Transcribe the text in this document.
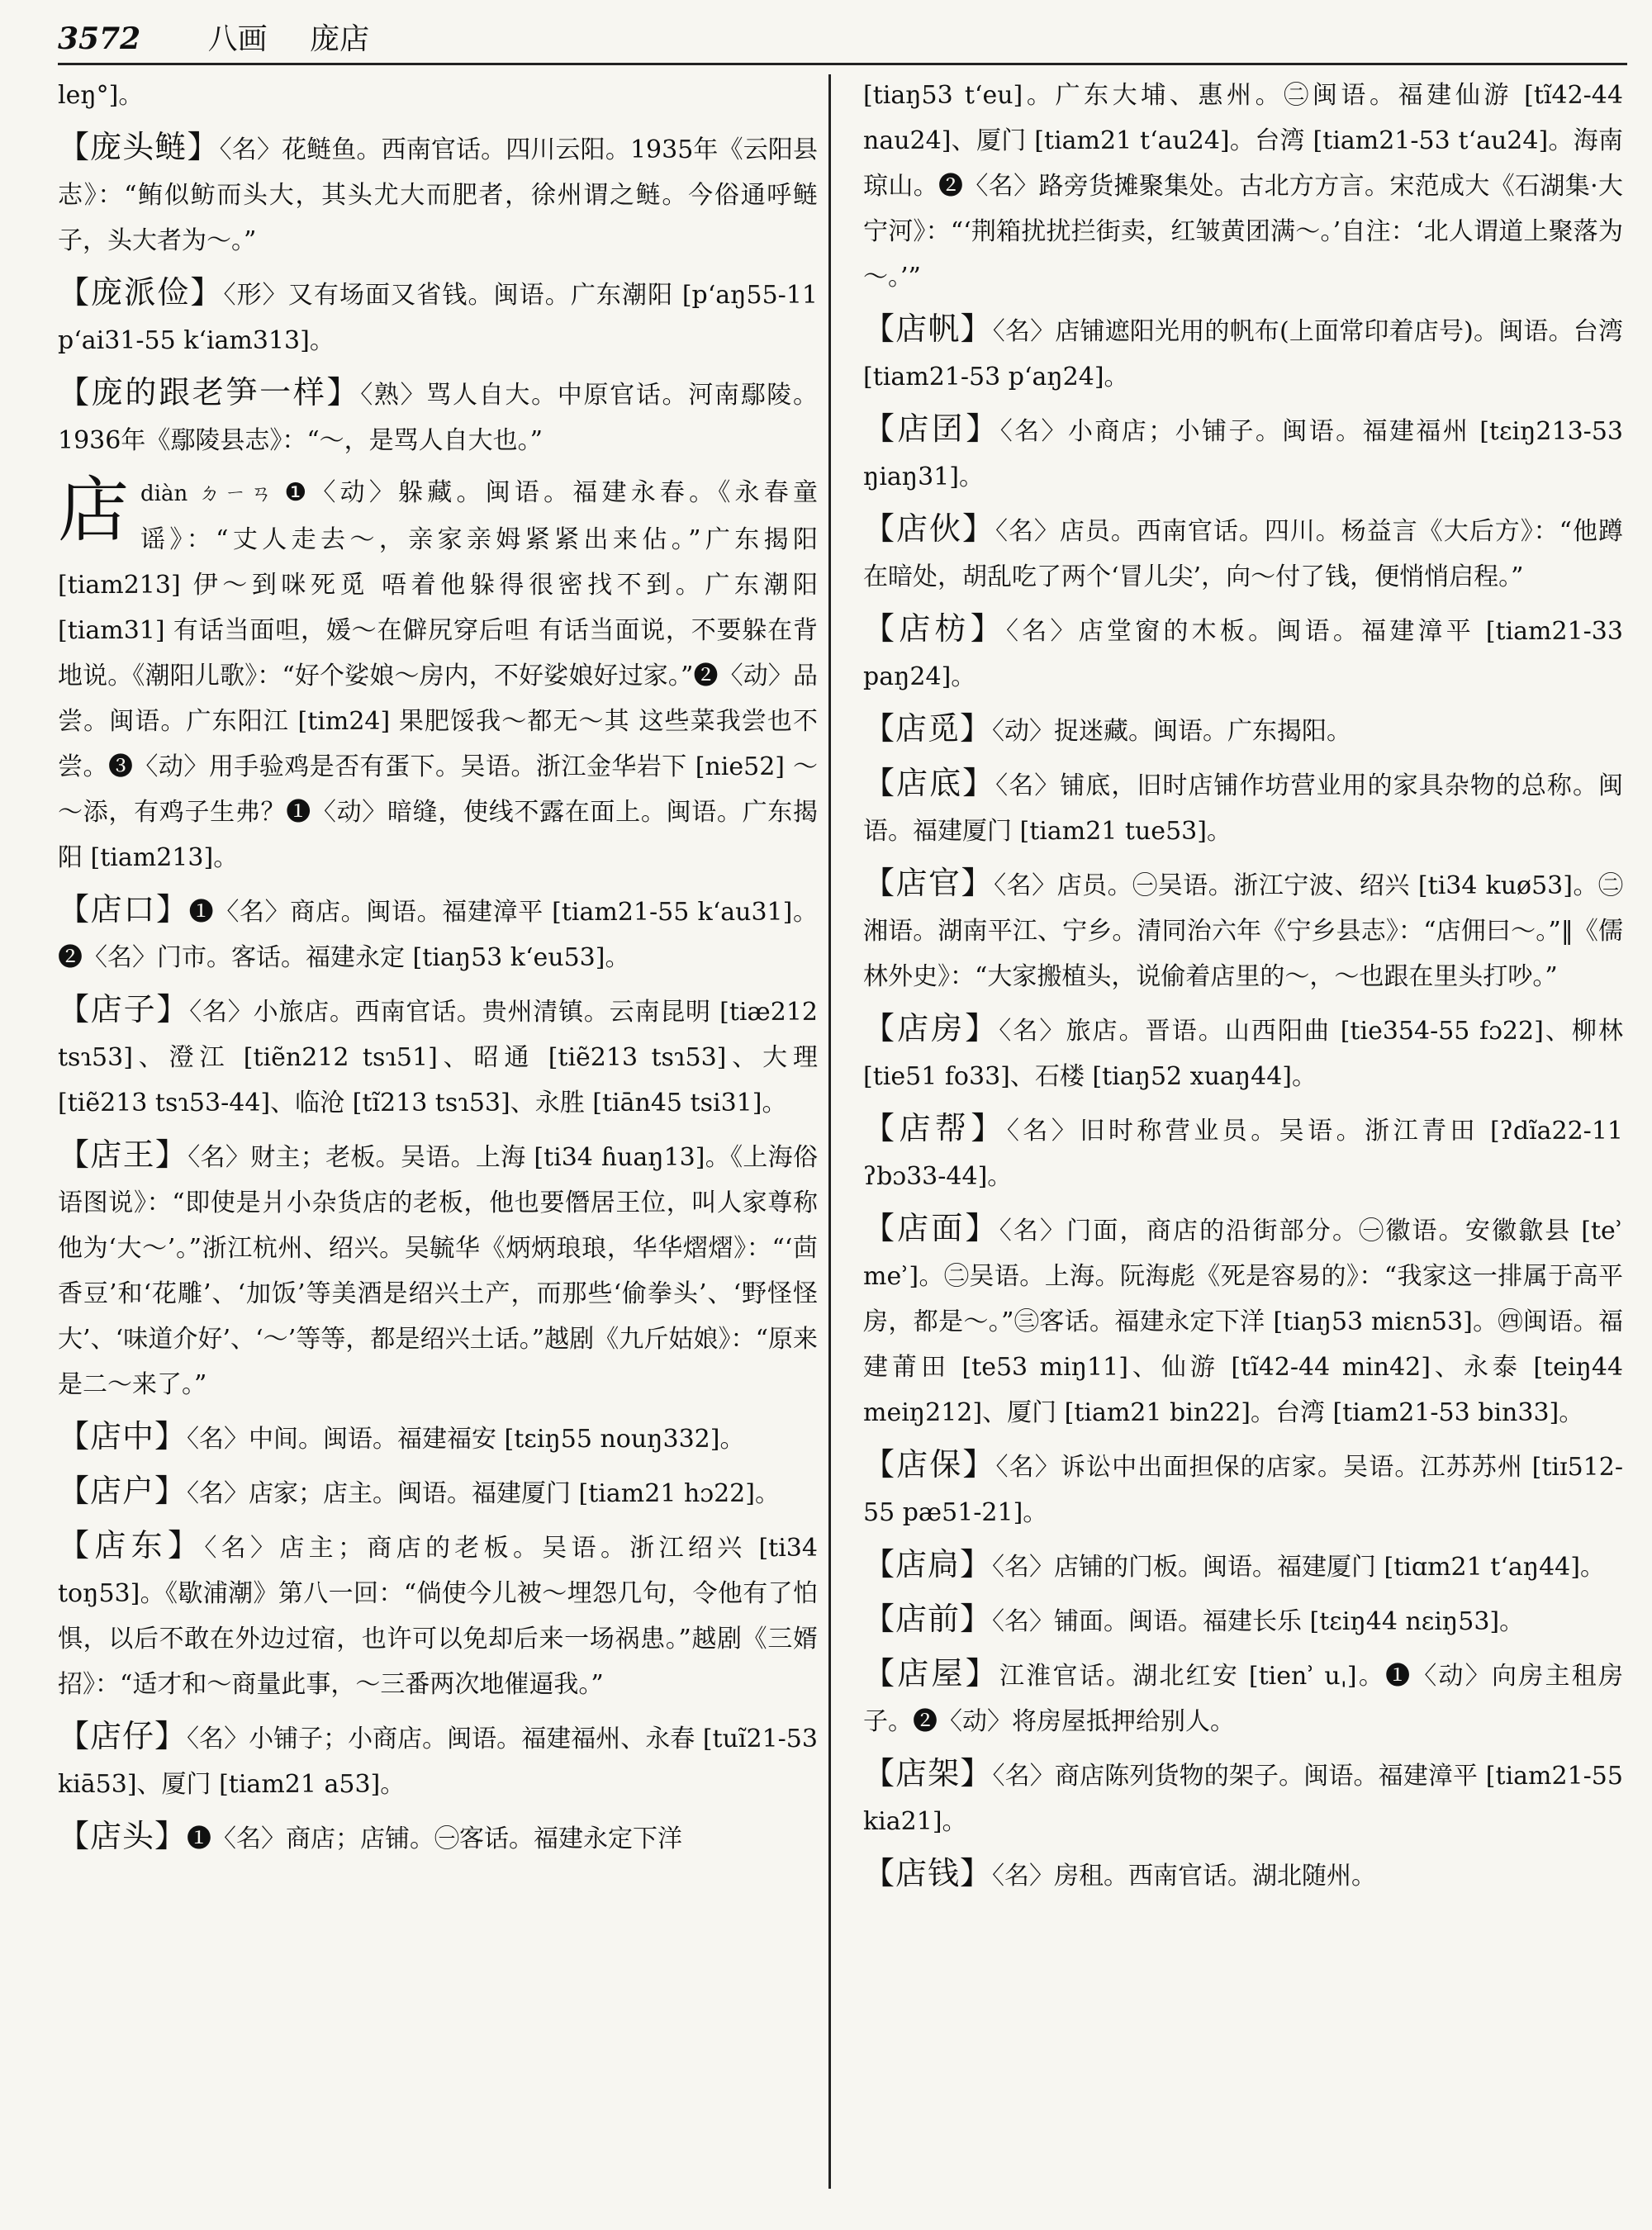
3572 八画 庞店

leŋ°]。

【庞头鲢】〈名〉花鲢鱼。西南官话。四川云阳。1935年《云阳县志》：“鲔似鲂而头大，其头尤大而肥者，徐州谓之鲢。今俗通呼鲢子，头大者为～。”

【庞派俭】〈形〉又有场面又省钱。闽语。广东潮阳 [p‘aŋ55-11 p‘ai31-55 k‘iam313]。

【庞的跟老笋一样】〈熟〉骂人自大。中原官话。河南鄢陵。1936年《鄢陵县志》：“～，是骂人自大也。”

店diàn ㄉㄧㄢ ❶〈动〉躲藏。闽语。福建永春。《永春童谣》：“丈人走去～，亲家亲姆紧紧出来佔。”广东揭阳 [tiam213] 伊～到咪死觅 唔着他躲得很密找不到。广东潮阳 [tiam31] 有话当面呾，媛～在僻尻穿后呾 有话当面说，不要躲在背地说。《潮阳儿歌》：“好个娑娘～房内，不好娑娘好过家。”❷〈动〉品尝。闽语。广东阳江 [tim24] 果肥馁我～都无～其 这些菜我尝也不尝。❸〈动〉用手验鸡是否有蛋下。吴语。浙江金华岩下 [nie52] ～～添，有鸡子生弗？❶〈动〉暗缝，使线不露在面上。闽语。广东揭阳 [tiam213]。

【店口】❶〈名〉商店。闽语。福建漳平 [tiam21-55 k‘au31]。❷〈名〉门市。客话。福建永定 [tiaŋ53 k‘eu53]。

【店子】〈名〉小旅店。西南官话。贵州清镇。云南昆明 [tiæ212 tsɿ53]、澄江 [tiẽn212 tsɿ51]、昭通 [tiẽ213 tsɿ53]、大理 [tiẽ213 tsɿ53-44]、临沧 [tĩ213 tsɿ53]、永胜 [tiān45 tsi31]。

【店王】〈名〉财主；老板。吴语。上海 [ti34 ɦuaŋ13]。《上海俗语图说》：“即使是爿小杂货店的老板，他也要僭居王位，叫人家尊称他为‘大～’。”浙江杭州、绍兴。吴毓华《炳炳琅琅，华华熠熠》：“‘茴香豆’和‘花雕’、‘加饭’等美酒是绍兴土产，而那些‘偷拳头’、‘野怪怪大’、‘味道介好’、‘～’等等，都是绍兴土话。”越剧《九斤姑娘》：“原来是二～来了。”

【店中】〈名〉中间。闽语。福建福安 [tɛiŋ55 nouŋ332]。

【店户】〈名〉店家；店主。闽语。福建厦门 [tiam21 hɔ22]。

【店东】〈名〉店主；商店的老板。吴语。浙江绍兴 [ti34 toŋ53]。《歇浦潮》第八一回：“倘使今儿被～埋怨几句，令他有了怕惧，以后不敢在外边过宿，也许可以免却后来一场祸患。”越剧《三婿招》：“适才和～商量此事，～三番两次地催逼我。”

【店仔】〈名〉小铺子；小商店。闽语。福建福州、永春 [tuĩ21-53 kiā53]、厦门 [tiam21 a53]。

【店头】❶〈名〉商店；店铺。㊀客话。福建永定下洋

[tiaŋ53 t‘eu]。广东大埔、惠州。㊁闽语。福建仙游 [tĩ42-44 nau24]、厦门 [tiam21 t‘au24]。台湾 [tiam21-53 t‘au24]。海南琼山。❷〈名〉路旁货摊聚集处。古北方方言。宋范成大《石湖集·大宁河》：“‘荆箱扰扰拦街卖，红皱黄团满～。’自注：‘北人谓道上聚落为～。’”

【店帆】〈名〉店铺遮阳光用的帆布(上面常印着店号)。闽语。台湾 [tiam21-53 p‘aŋ24]。

【店囝】〈名〉小商店；小铺子。闽语。福建福州 [tɛiŋ213-53 ŋiaŋ31]。

【店伙】〈名〉店员。西南官话。四川。杨益言《大后方》：“他蹲在暗处，胡乱吃了两个‘冒儿尖’，向～付了钱，便悄悄启程。”

【店枋】〈名〉店堂窗的木板。闽语。福建漳平 [tiam21-33 paŋ24]。

【店觅】〈动〉捉迷藏。闽语。广东揭阳。

【店底】〈名〉铺底，旧时店铺作坊营业用的家具杂物的总称。闽语。福建厦门 [tiam21 tue53]。

【店官】〈名〉店员。㊀吴语。浙江宁波、绍兴 [ti34 kuø53]。㊁湘语。湖南平江、宁乡。清同治六年《宁乡县志》：“店佣曰～。”‖《儒林外史》：“大家搬植头，说偷着店里的～，～也跟在里头打吵。”

【店房】〈名〉旅店。晋语。山西阳曲 [tie354-55 fɔ22]、柳林 [tie51 fo33]、石楼 [tiaŋ52 xuaŋ44]。

【店帮】〈名〉旧时称营业员。吴语。浙江青田 [ʔdĩa22-11 ʔbɔ33-44]。

【店面】〈名〉门面，商店的沿街部分。㊀徽语。安徽歙县 [teʾ meʾ]。㊁吴语。上海。阮海彪《死是容易的》：“我家这一排属于高平房，都是～。”㊂客话。福建永定下洋 [tiaŋ53 miɛn53]。㊃闽语。福建莆田 [te53 miŋ11]、仙游 [tĩ42-44 min42]、永泰 [teiŋ44 meiŋ212]、厦门 [tiam21 bin22]。台湾 [tiam21-53 bin33]。

【店保】〈名〉诉讼中出面担保的店家。吴语。江苏苏州 [tiɪ512-55 pæ51-21]。

【店扃】〈名〉店铺的门板。闽语。福建厦门 [tiɑm21 t‘aŋ44]。

【店前】〈名〉铺面。闽语。福建长乐 [tɛiŋ44 nɛiŋ53]。

【店屋】江淮官话。湖北红安 [tienʾ uˌ]。❶〈动〉向房主租房子。❷〈动〉将房屋抵押给别人。

【店架】〈名〉商店陈列货物的架子。闽语。福建漳平 [tiam21-55 kia21]。

【店钱】〈名〉房租。西南官话。湖北随州。
